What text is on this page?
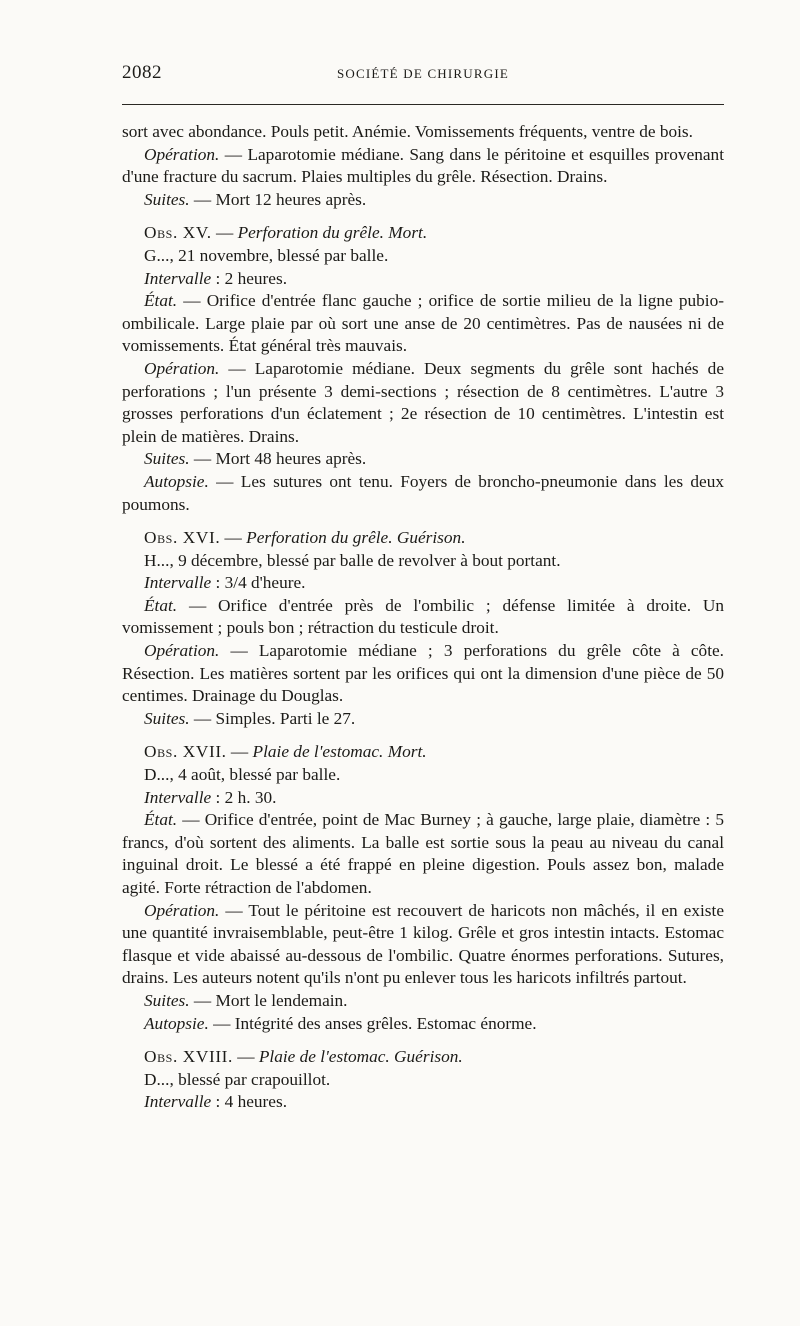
2082	SOCIÉTÉ DE CHIRURGIE

sort avec abondance. Pouls petit. Anémie. Vomissements fréquents, ventre de bois.

Opération. — Laparotomie médiane. Sang dans le péritoine et esquilles provenant d'une fracture du sacrum. Plaies multiples du grêle. Résection. Drains.

Suites. — Mort 12 heures après.

Obs. XV. — Perforation du grêle. Mort.

G..., 21 novembre, blessé par balle.

Intervalle : 2 heures.

État. — Orifice d'entrée flanc gauche ; orifice de sortie milieu de la ligne pubio-ombilicale. Large plaie par où sort une anse de 20 centimètres. Pas de nausées ni de vomissements. État général très mauvais.

Opération. — Laparotomie médiane. Deux segments du grêle sont hachés de perforations ; l'un présente 3 demi-sections ; résection de 8 centimètres. L'autre 3 grosses perforations d'un éclatement ; 2e résection de 10 centimètres. L'intestin est plein de matières. Drains.

Suites. — Mort 48 heures après.

Autopsie. — Les sutures ont tenu. Foyers de broncho-pneumonie dans les deux poumons.

Obs. XVI. — Perforation du grêle. Guérison.

H..., 9 décembre, blessé par balle de revolver à bout portant.

Intervalle : 3/4 d'heure.

État. — Orifice d'entrée près de l'ombilic ; défense limitée à droite. Un vomissement ; pouls bon ; rétraction du testicule droit.

Opération. — Laparotomie médiane ; 3 perforations du grêle côte à côte. Résection. Les matières sortent par les orifices qui ont la dimension d'une pièce de 50 centimes. Drainage du Douglas.

Suites. — Simples. Parti le 27.

Obs. XVII. — Plaie de l'estomac. Mort.

D..., 4 août, blessé par balle.

Intervalle : 2 h. 30.

État. — Orifice d'entrée, point de Mac Burney ; à gauche, large plaie, diamètre : 5 francs, d'où sortent des aliments. La balle est sortie sous la peau au niveau du canal inguinal droit. Le blessé a été frappé en pleine digestion. Pouls assez bon, malade agité. Forte rétraction de l'abdomen.

Opération. — Tout le péritoine est recouvert de haricots non mâchés, il en existe une quantité invraisemblable, peut-être 1 kilog. Grêle et gros intestin intacts. Estomac flasque et vide abaissé au-dessous de l'ombilic. Quatre énormes perforations. Sutures, drains. Les auteurs notent qu'ils n'ont pu enlever tous les haricots infiltrés partout.

Suites. — Mort le lendemain.

Autopsie. — Intégrité des anses grêles. Estomac énorme.

Obs. XVIII. — Plaie de l'estomac. Guérison.

D..., blessé par crapouillot.

Intervalle : 4 heures.
